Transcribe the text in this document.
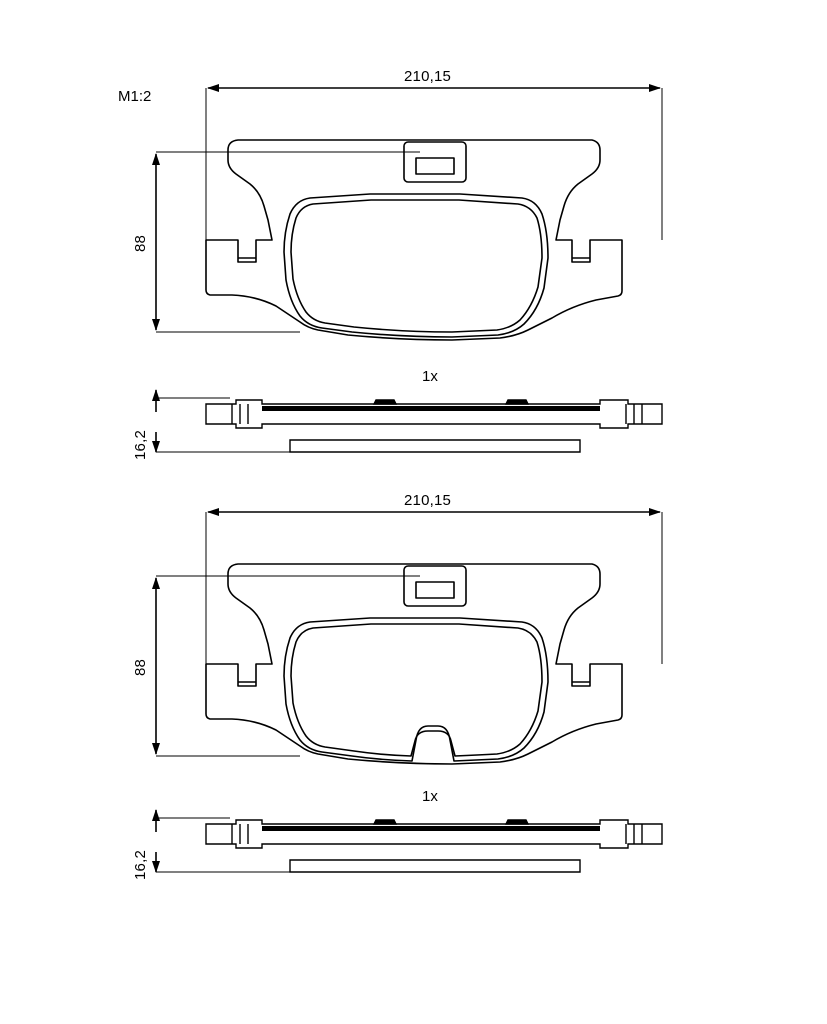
M1:2
210,15
88
1x
16,2
210,15
88
1x
16,2
